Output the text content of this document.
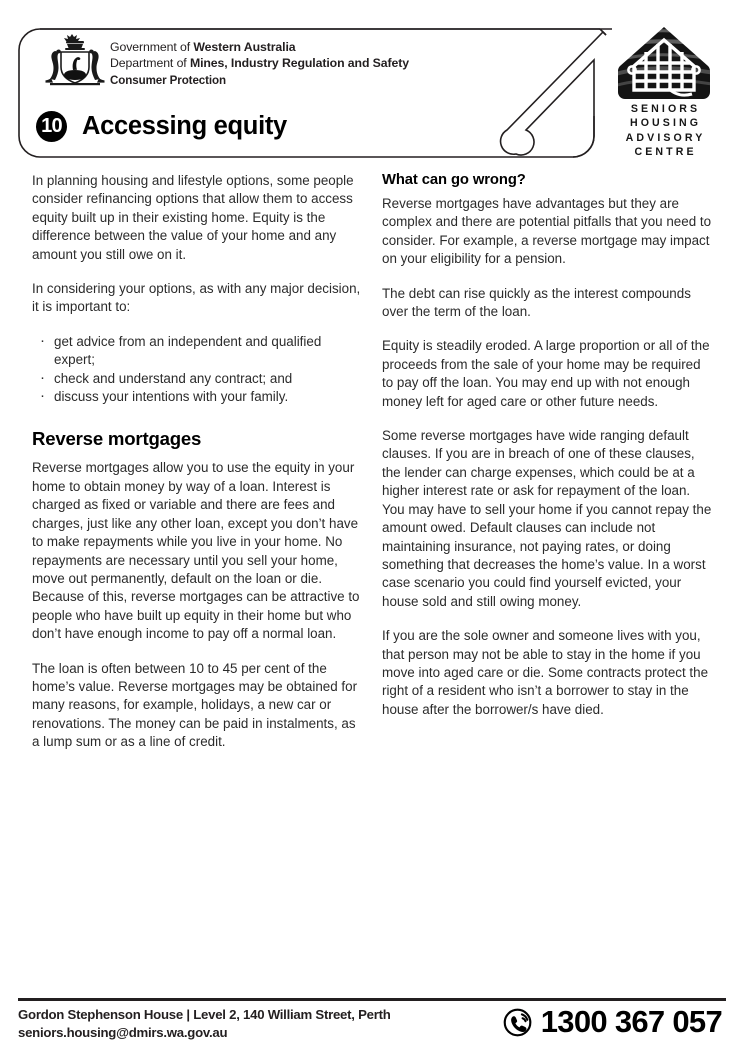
Government of Western Australia
Department of Mines, Industry Regulation and Safety
Consumer Protection
10 Accessing equity
SENIORS
HOUSING
ADVISORY
CENTRE

In planning housing and lifestyle options, some people consider refinancing options that allow them to access equity built up in their existing home. Equity is the difference between the value of your home and any amount you still owe on it.

In considering your options, as with any major decision, it is important to:

· get advice from an independent and qualified expert;
· check and understand any contract; and
· discuss your intentions with your family.
Reverse mortgages

Reverse mortgages allow you to use the equity in your home to obtain money by way of a loan. Interest is charged as fixed or variable and there are fees and charges, just like any other loan, except you don’t have to make repayments while you live in your home. No repayments are necessary until you sell your home, move out permanently, default on the loan or die. Because of this, reverse mortgages can be attractive to people who have built up equity in their home but who don’t have enough income to pay off a normal loan.

The loan is often between 10 to 45 per cent of the home’s value. Reverse mortgages may be obtained for many reasons, for example, holidays, a new car or renovations. The money can be paid in instalments, as a lump sum or as a line of credit.

What can go wrong?

Reverse mortgages have advantages but they are complex and there are potential pitfalls that you need to consider. For example, a reverse mortgage may impact on your eligibility for a pension.

The debt can rise quickly as the interest compounds over the term of the loan.

Equity is steadily eroded. A large proportion or all of the proceeds from the sale of your home may be required to pay off the loan. You may end up with not enough money left for aged care or other future needs.

Some reverse mortgages have wide ranging default clauses. If you are in breach of one of these clauses, the lender can charge expenses, which could be at a higher interest rate or ask for repayment of the loan. You may have to sell your home if you cannot repay the amount owed. Default clauses can include not maintaining insurance, not paying rates, or doing something that decreases the home’s value. In a worst case scenario you could find yourself evicted, your house sold and still owing money.

If you are the sole owner and someone lives with you, that person may not be able to stay in the home if you move into aged care or die. Some contracts protect the right of a resident who isn’t a borrower to stay in the house after the borrower/s have died.

Gordon Stephenson House | Level 2, 140 William Street, Perth
seniors.housing@dmirs.wa.gov.au	1300 367 057
